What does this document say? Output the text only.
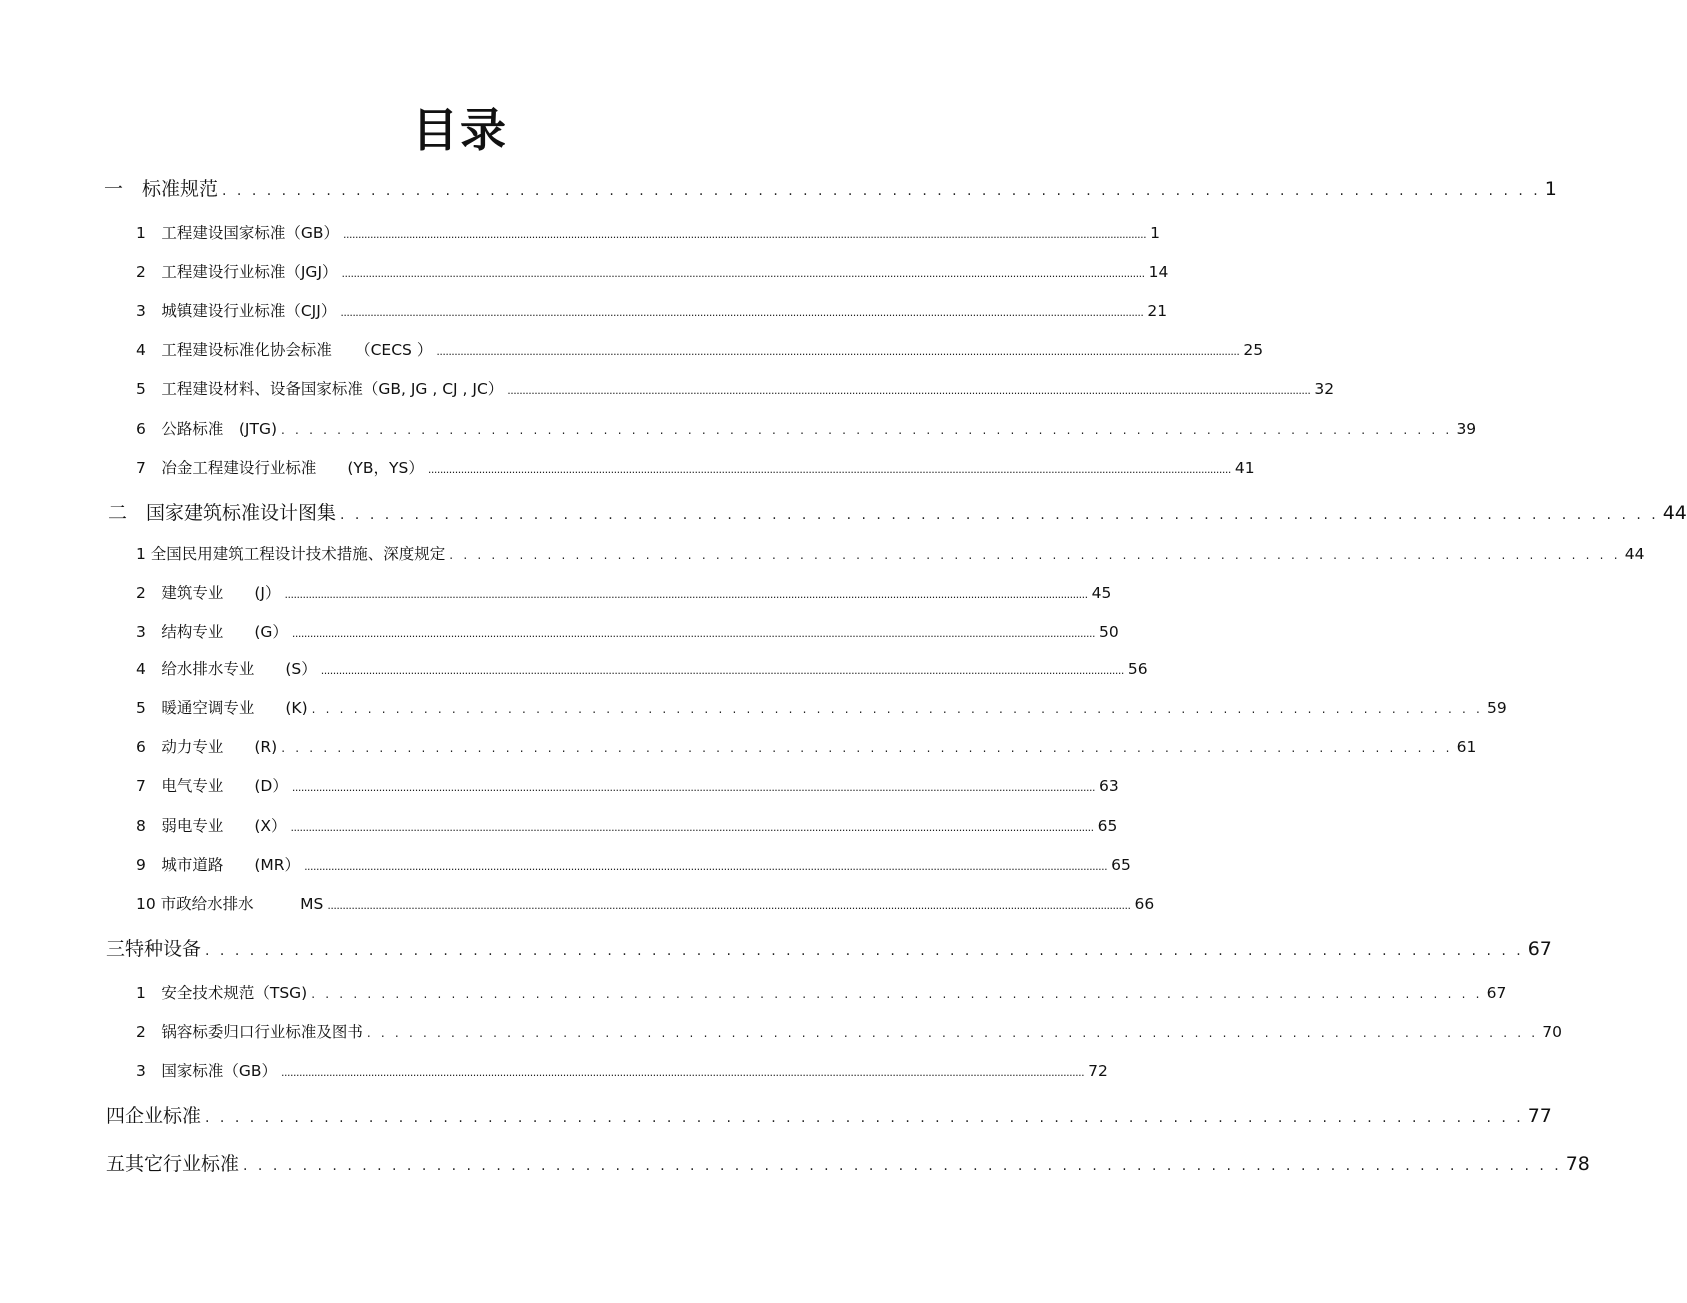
目录
一　标准规范 . . . . . . . . . . . . . . . . . . . . . . . . . . . . . . . . . . . . . . . . . . . . . . . . . . . . . . . . . . . . . . . . . . . . . . . . . . . . . . . . . . . . . . . . . 1
1　工程建设国家标准（GB） ............................................................................................................................................................................................................................................................................ 1
2　工程建设行业标准（JGJ） ............................................................................................................................................................................................................................................................................ 14
3　城镇建设行业标准（CJJ） ............................................................................................................................................................................................................................................................................ 21
4　工程建设标准化协会标准　　（CECS ） ............................................................................................................................................................................................................................................................................ 25
5　工程建设材料、设备国家标准（GB, JG , CJ , JC） ............................................................................................................................................................................................................................................................................ 32
6　公路标准　(JTG) . . . . . . . . . . . . . . . . . . . . . . . . . . . . . . . . . . . . . . . . . . . . . . . . . . . . . . . . . . . . . . . . . . . . . . . . . . . . . . . . . . . . 39
7　冶金工程建设行业标准　　(YB，YS） ............................................................................................................................................................................................................................................................................ 41
二　国家建筑标准设计图集 . . . . . . . . . . . . . . . . . . . . . . . . . . . . . . . . . . . . . . . . . . . . . . . . . . . . . . . . . . . . . . . . . . . . . . . . . . . . . . . . . . . . . . . . . 44
1 全国民用建筑工程设计技术措施、深度规定 . . . . . . . . . . . . . . . . . . . . . . . . . . . . . . . . . . . . . . . . . . . . . . . . . . . . . . . . . . . . . . . . . . . . . . . . . . . . . . . . . . . . 44
2　建筑专业　　(J） ............................................................................................................................................................................................................................................................................ 45
3　结构专业　　(G） ............................................................................................................................................................................................................................................................................ 50
4　给水排水专业　　(S） ............................................................................................................................................................................................................................................................................ 56
5　暖通空调专业　　(K) . . . . . . . . . . . . . . . . . . . . . . . . . . . . . . . . . . . . . . . . . . . . . . . . . . . . . . . . . . . . . . . . . . . . . . . . . . . . . . . . . . . . 59
6　动力专业　　(R) . . . . . . . . . . . . . . . . . . . . . . . . . . . . . . . . . . . . . . . . . . . . . . . . . . . . . . . . . . . . . . . . . . . . . . . . . . . . . . . . . . . . 61
7　电气专业　　(D） ............................................................................................................................................................................................................................................................................ 63
8　弱电专业　　(X） ............................................................................................................................................................................................................................................................................ 65
9　城市道路　　(MR） ............................................................................................................................................................................................................................................................................ 65
10 市政给水排水　　　MS ............................................................................................................................................................................................................................................................................ 66
三特种设备 . . . . . . . . . . . . . . . . . . . . . . . . . . . . . . . . . . . . . . . . . . . . . . . . . . . . . . . . . . . . . . . . . . . . . . . . . . . . . . . . . . . . . . . . . 67
1　安全技术规范（TSG) . . . . . . . . . . . . . . . . . . . . . . . . . . . . . . . . . . . . . . . . . . . . . . . . . . . . . . . . . . . . . . . . . . . . . . . . . . . . . . . . . . . . 67
2　锅容标委归口行业标准及图书 . . . . . . . . . . . . . . . . . . . . . . . . . . . . . . . . . . . . . . . . . . . . . . . . . . . . . . . . . . . . . . . . . . . . . . . . . . . . . . . . . . . . 70
3　国家标准（GB） ............................................................................................................................................................................................................................................................................ 72
四企业标准 . . . . . . . . . . . . . . . . . . . . . . . . . . . . . . . . . . . . . . . . . . . . . . . . . . . . . . . . . . . . . . . . . . . . . . . . . . . . . . . . . . . . . . . . . 77
五其它行业标准 . . . . . . . . . . . . . . . . . . . . . . . . . . . . . . . . . . . . . . . . . . . . . . . . . . . . . . . . . . . . . . . . . . . . . . . . . . . . . . . . . . . . . . . . . 78
